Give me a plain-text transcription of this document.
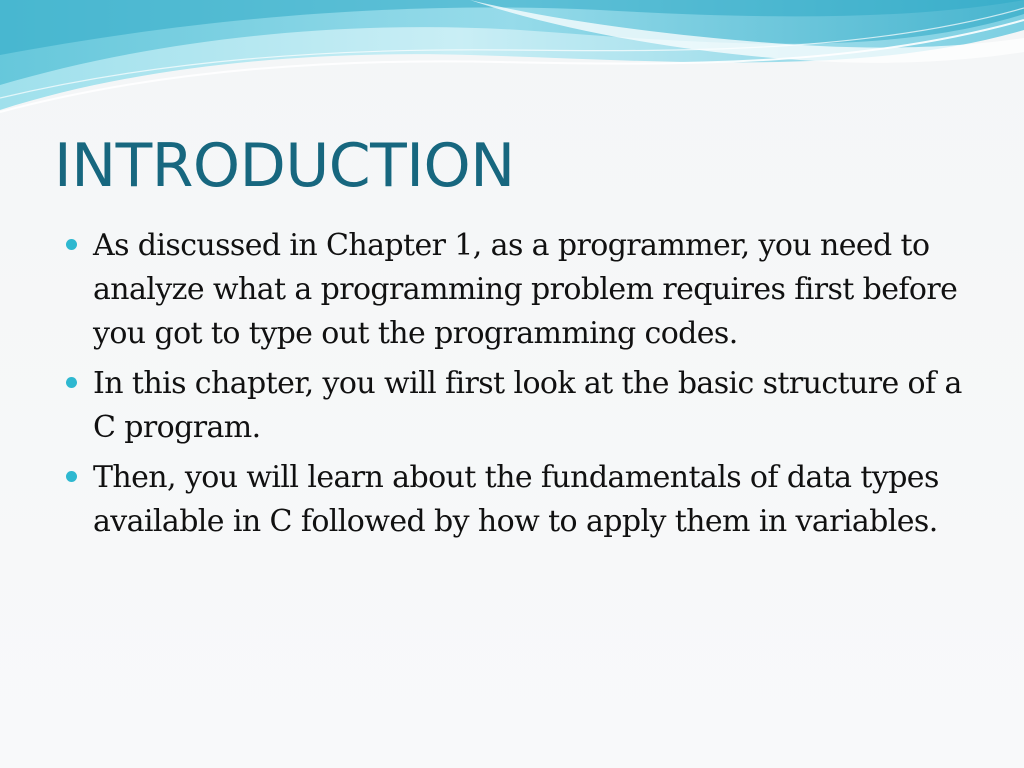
INTRODUCTION
As discussed in Chapter 1, as a programmer, you need to analyze what a programming problem requires first before you got to type out the programming codes.
In this chapter, you will first look at the basic structure of a C program.
Then, you will learn about the fundamentals of data types available in C followed by how to apply them in variables.
